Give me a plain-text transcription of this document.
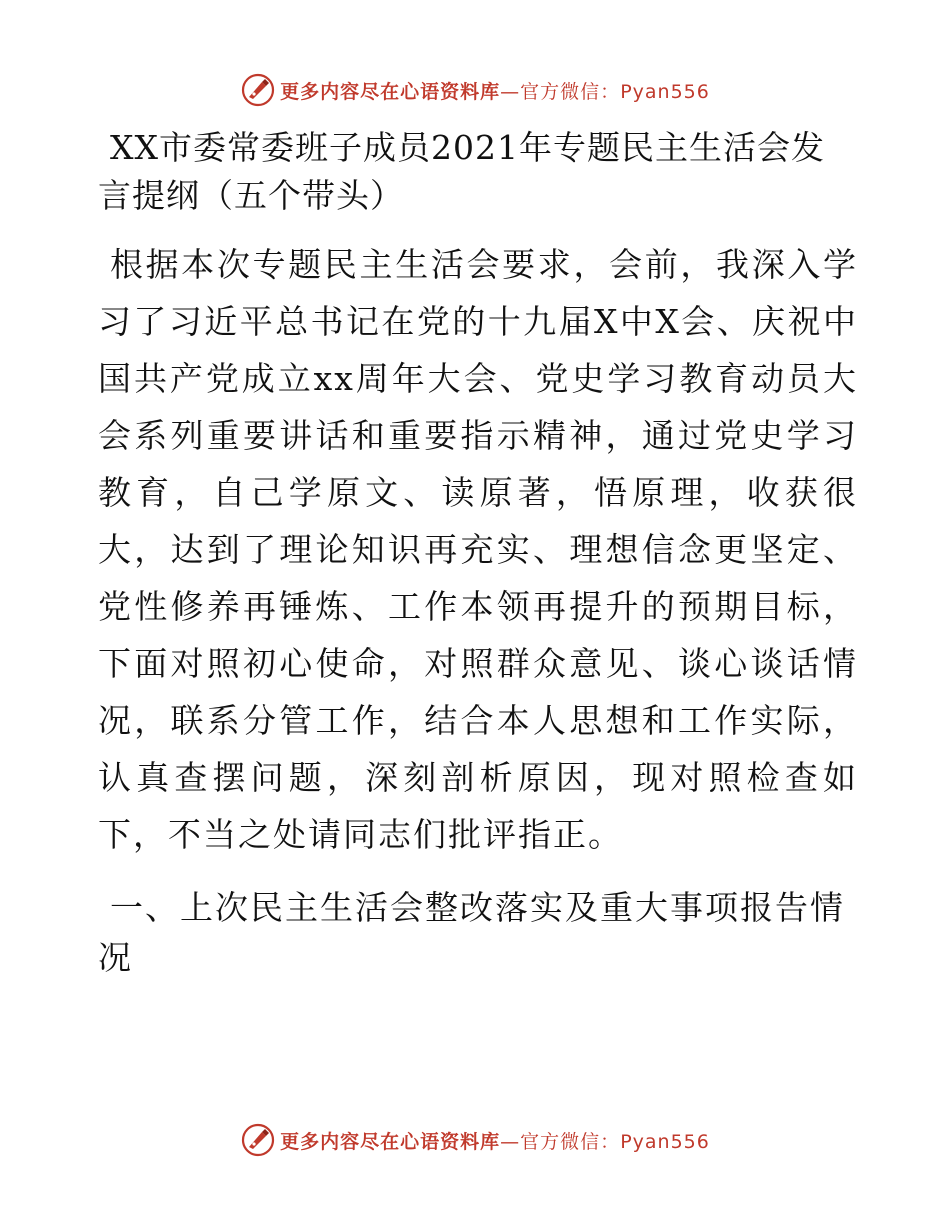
更多内容尽在心语资料库—官方微信：Pyan556
XX市委常委班子成员2021年专题民主生活会发言提纲（五个带头）

根据本次专题民主生活会要求，会前，我深入学习了习近平总书记在党的十九届X中X会、庆祝中国共产党成立xx周年大会、党史学习教育动员大会系列重要讲话和重要指示精神，通过党史学习教育，自己学原文、读原著，悟原理，收获很大，达到了理论知识再充实、理想信念更坚定、党性修养再锤炼、工作本领再提升的预期目标，下面对照初心使命，对照群众意见、谈心谈话情况，联系分管工作，结合本人思想和工作实际，认真查摆问题，深刻剖析原因，现对照检查如下，不当之处请同志们批评指正。

一、上次民主生活会整改落实及重大事项报告情况

更多内容尽在心语资料库—官方微信：Pyan556
